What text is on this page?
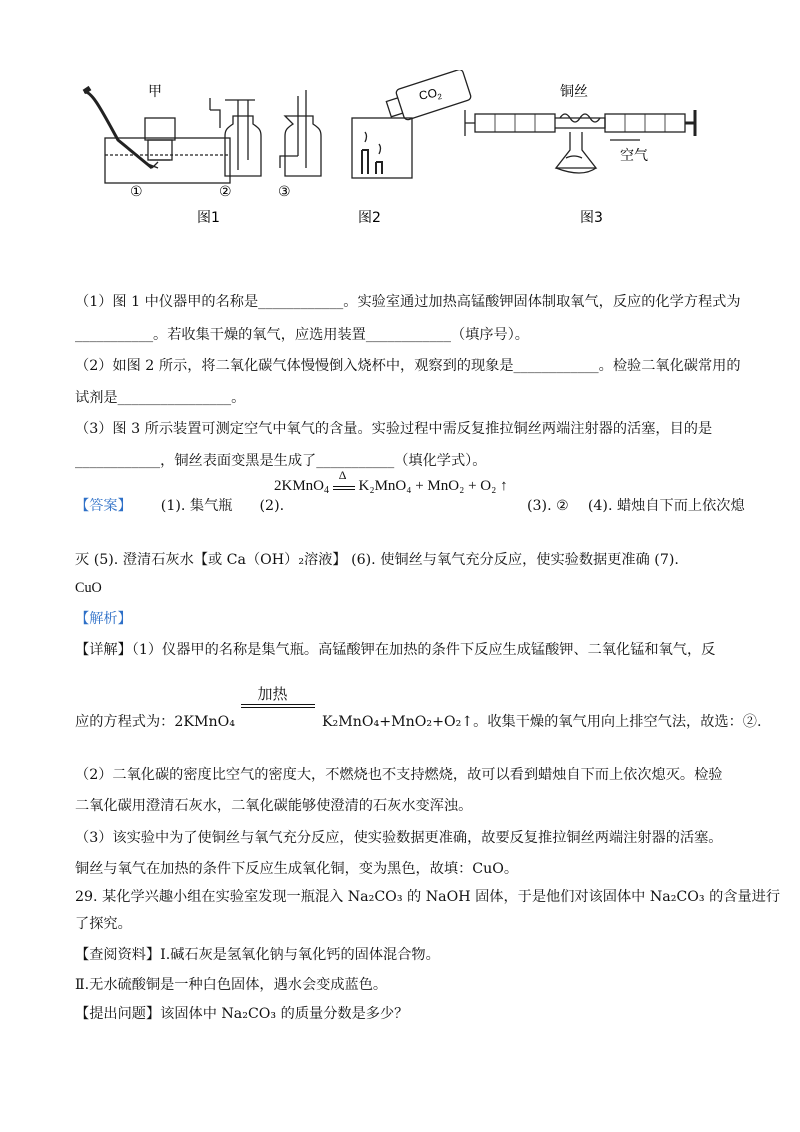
甲	$CO_2$	铜丝
空气
①	②	③
图1	图2	图3
（1）图 1 中仪器甲的名称是____________。实验室通过加热高锰酸钾固体制取氧气，反应的化学方程式为
___________。若收集干燥的氧气，应选用装置____________（填序号）。
（2）如图 2 所示，将二氧化碳气体慢慢倒入烧杯中，观察到的现象是____________。检验二氧化碳常用的
试剂是________________。
（3）图 3 所示装置可测定空气中氧气的含量。实验过程中需反复推拉铜丝两端注射器的活塞，目的是
____________，铜丝表面变黑是生成了___________（填化学式）。
【答案】 (1). 集气瓶 (2).
2KMnO$_4$
Δ
K₂MnO₄ + MnO₂ + O₂ ↑
(3). ② (4). 蜡烛自下而上依次熄
灭 (5). 澄清石灰水【或 Ca（OH）₂溶液】 (6). 使铜丝与氧气充分反应，使实验数据更准确 (7).
CuO
【解析】
【详解】（1）仪器甲的名称是集气瓶。高锰酸钾在加热的条件下反应生成锰酸钾、二氧化锰和氧气，反
应的方程式为：2KMnO₄
加热
K₂MnO₄+MnO₂+O₂↑。收集干燥的氧气用向上排空气法，故选：②.
（2）二氧化碳的密度比空气的密度大，不燃烧也不支持燃烧，故可以看到蜡烛自下而上依次熄灭。检验
二氧化碳用澄清石灰水，二氧化碳能够使澄清的石灰水变浑浊。
（3）该实验中为了使铜丝与氧气充分反应，使实验数据更准确，故要反复推拉铜丝两端注射器的活塞。
铜丝与氧气在加热的条件下反应生成氧化铜，变为黑色，故填：CuO。
29. 某化学兴趣小组在实验室发现一瓶混入 Na₂CO₃ 的 NaOH 固体，于是他们对该固体中 Na₂CO₃ 的含量进行
了探究。
【查阅资料】Ⅰ.碱石灰是氢氧化钠与氧化钙的固体混合物。
Ⅱ.无水硫酸铜是一种白色固体，遇水会变成蓝色。
【提出问题】该固体中 Na₂CO₃ 的质量分数是多少？
